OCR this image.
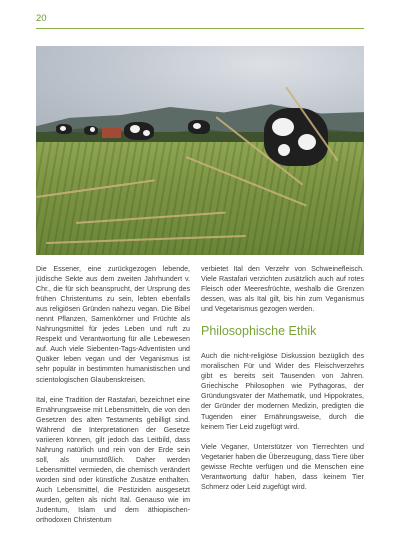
20

Die Essener, eine zurückgezogen lebende, jüdische Sekte aus dem zweiten Jahrhundert v. Chr., die für sich beansprucht, der Ursprung des frühen Christentums zu sein, lebten ebenfalls aus religiösen Gründen nahezu vegan. Die Bibel nennt Pflanzen, Samenkörner und Früchte als Nahrungsmittel für jedes Leben und ruft zu Respekt und Verantwortung für alle Lebewesen auf. Auch viele Siebenten-Tags-Adventisten und Quäker leben vegan und der Veganismus ist sehr populär in bestimmten humanistischen und scientologischen Glaubenskreisen.

Ital, eine Tradition der Rastafari, bezeichnet eine Ernährungsweise mit Lebensmitteln, die von den Gesetzen des alten Testaments gebilligt sind. Während die Interpretationen der Gesetze variieren können, gilt jedoch das Leitbild, dass Nahrung natürlich und rein von der Erde sein soll, als unumstößlich. Daher werden Lebensmittel vermieden, die chemisch verändert worden sind oder künstliche Zusätze enthalten. Auch Lebensmittel, die Pestiziden ausgesetzt wurden, gelten als nicht Ital. Genauso wie im Judentum, Islam und dem äthiopischen-orthodoxen Christentum

verbietet Ital den Verzehr von Schweinefleisch. Viele Rastafari verzichten zusätzlich auch auf rotes Fleisch oder Meeresfrüchte, weshalb die Grenzen dessen, was als Ital gilt, bis hin zum Veganismus und Vegetarismus gezogen werden.

Philosophische Ethik

Auch die nicht-religiöse Diskussion bezüglich des moralischen Für und Wider des Fleischverzehrs gibt es bereits seit Tausenden von Jahren. Griechische Philosophen wie Pythagoras, der Gründungsvater der Mathematik, und Hippokrates, der Gründer der modernen Medizin, predigten die Tugenden einer Ernährungsweise, durch die keinem Tier Leid zugefügt wird.

Viele Veganer, Unterstützer von Tierrechten und Vegetarier haben die Überzeugung, dass Tiere über gewisse Rechte verfügen und die Menschen eine Verantwortung dafür haben, dass keinem Tier Schmerz oder Leid zugefügt wird.
